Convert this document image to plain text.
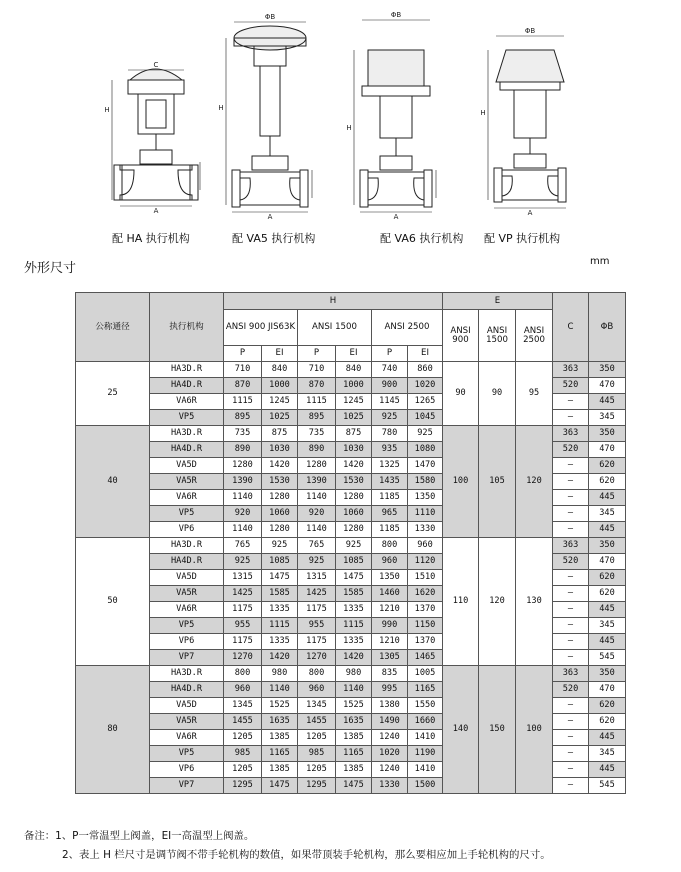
C
A
H
ΦB
A
H
ΦB
A
H
ΦB
A
H
配 HA 执行机构	配 VA5 执行机构	配 VA6 执行机构 配 VP 执行机构
外形尺寸	mm
公称通径	执行机构	H						E			C	ΦB
		ANSI 900 JIS63K		ANSI 1500		ANSI 2500		ANSI 900	ANSI 1500	ANSI 2500		
		P	EI	P	EI	P	EI					
25	HA3D.R	710	840	710	840	740	860	90	90	95	363	350
	HA4D.R	870	1000	870	1000	900	1020				520	470
	VA6R	1115	1245	1115	1245	1145	1265				–	445
	VP5	895	1025	895	1025	925	1045				–	345
40	HA3D.R	735	875	735	875	780	925	100	105	120	363	350
	HA4D.R	890	1030	890	1030	935	1080				520	470
	VA5D	1280	1420	1280	1420	1325	1470				–	620
	VA5R	1390	1530	1390	1530	1435	1580				–	620
	VA6R	1140	1280	1140	1280	1185	1350				–	445
	VP5	920	1060	920	1060	965	1110				–	345
	VP6	1140	1280	1140	1280	1185	1330				–	445
50	HA3D.R	765	925	765	925	800	960	110	120	130	363	350
	HA4D.R	925	1085	925	1085	960	1120				520	470
	VA5D	1315	1475	1315	1475	1350	1510				–	620
	VA5R	1425	1585	1425	1585	1460	1620				–	620
	VA6R	1175	1335	1175	1335	1210	1370				–	445
	VP5	955	1115	955	1115	990	1150				–	345
	VP6	1175	1335	1175	1335	1210	1370				–	445
	VP7	1270	1420	1270	1420	1305	1465				–	545
80	HA3D.R	800	980	800	980	835	1005	140	150	100	363	350
	HA4D.R	960	1140	960	1140	995	1165				520	470
	VA5D	1345	1525	1345	1525	1380	1550				–	620
	VA5R	1455	1635	1455	1635	1490	1660				–	620
	VA6R	1205	1385	1205	1385	1240	1410				–	445
	VP5	985	1165	985	1165	1020	1190				–	345
	VP6	1205	1385	1205	1385	1240	1410				–	445
	VP7	1295	1475	1295	1475	1330	1500				–	545
备注：1、P一常温型上阀盖，EI一高温型上阀盖。
2、表上 H 栏尺寸是调节阀不带手轮机构的数值，如果带顶装手轮机构，那么要相应加上手轮机构的尺寸。
